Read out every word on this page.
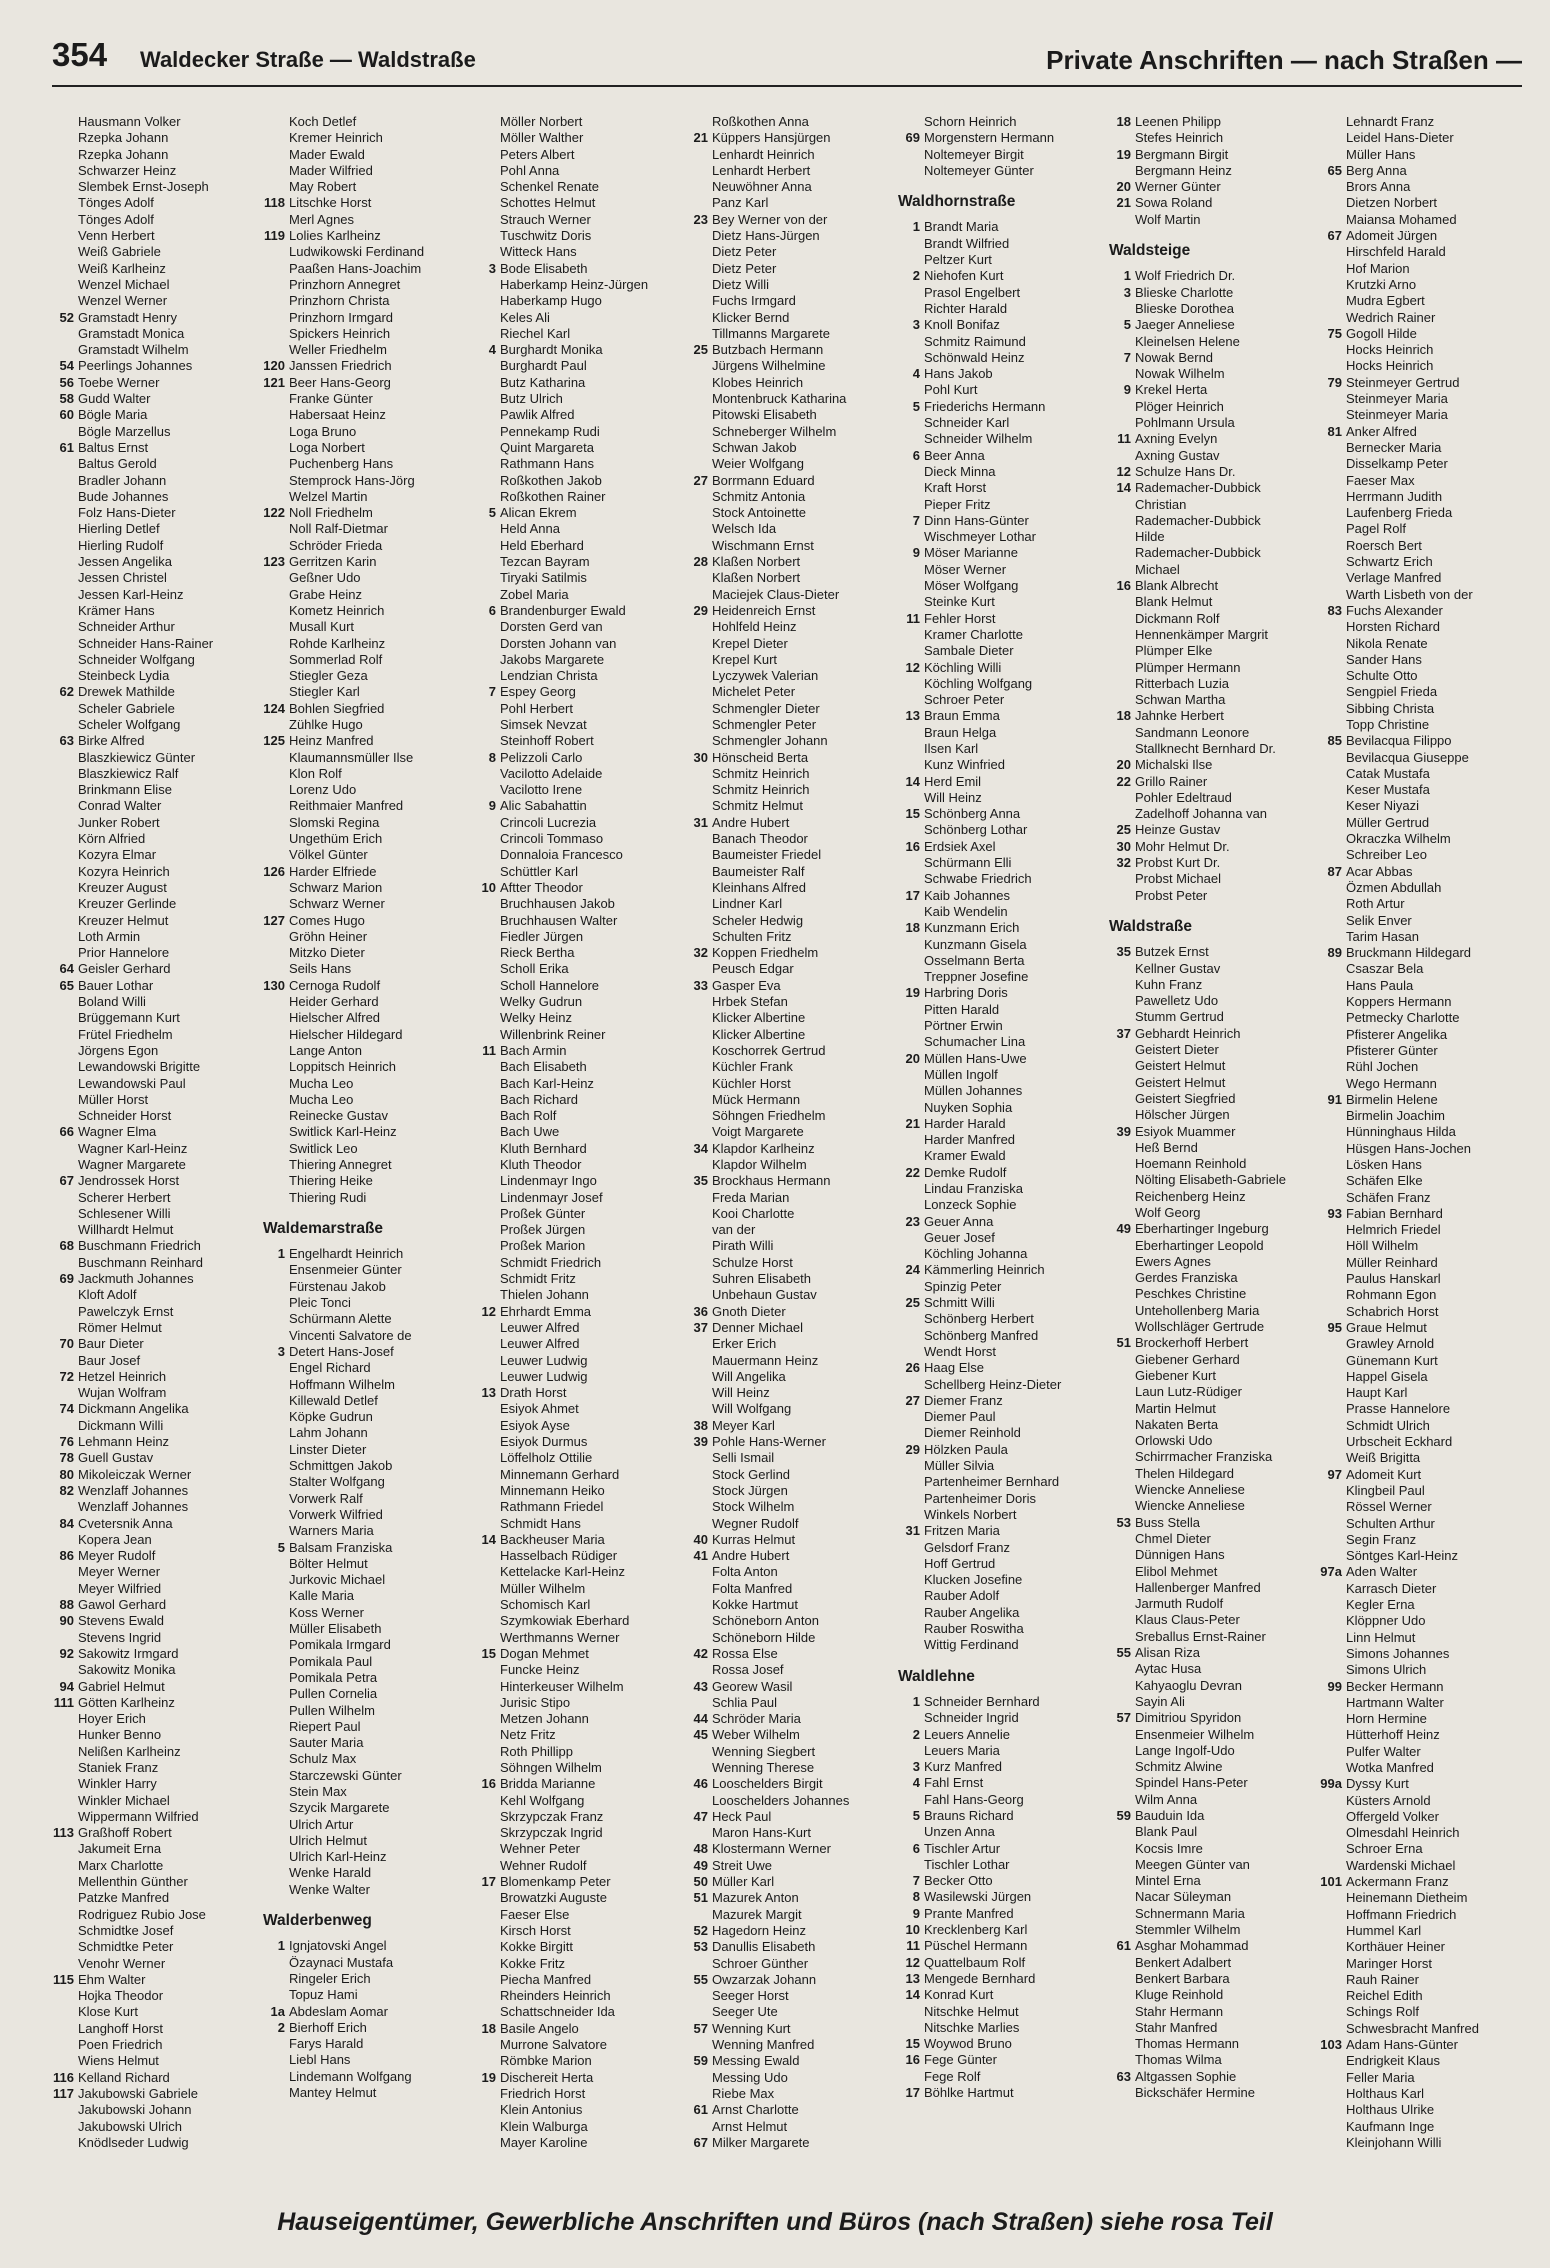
354 Waldecker Straße — Waldstraße	Private Anschriften — nach Straßen —
Hausmann Volker
Rzepka Johann
Rzepka Johann
Schwarzer Heinz
Slembek Ernst-Joseph
Tönges Adolf
Tönges Adolf
Venn Herbert
Weiß Gabriele
Weiß Karlheinz
Wenzel Michael
Wenzel Werner
52 Gramstadt Henry
Gramstadt Monica
Gramstadt Wilhelm
54 Peerlings Johannes
56 Toebe Werner
58 Gudd Walter
60 Bögle Maria
Bögle Marzellus
61 Baltus Ernst
Baltus Gerold
Bradler Johann
Bude Johannes
Folz Hans-Dieter
Hierling Detlef
Hierling Rudolf
Jessen Angelika
Jessen Christel
Jessen Karl-Heinz
Krämer Hans
Schneider Arthur
Schneider Hans-Rainer
Schneider Wolfgang
Steinbeck Lydia
62 Drewek Mathilde
Scheler Gabriele
Scheler Wolfgang
63 Birke Alfred
Blaszkiewicz Günter
Blaszkiewicz Ralf
Brinkmann Elise
Conrad Walter
Junker Robert
Körn Alfried
Kozyra Elmar
Kozyra Heinrich
Kreuzer August
Kreuzer Gerlinde
Kreuzer Helmut
Loth Armin
Prior Hannelore
64 Geisler Gerhard
65 Bauer Lothar
Boland Willi
Brüggemann Kurt
Frütel Friedhelm
Jörgens Egon
Lewandowski Brigitte
Lewandowski Paul
Müller Horst
Schneider Horst
66 Wagner Elma
Wagner Karl-Heinz
Wagner Margarete
67 Jendrossek Horst
Scherer Herbert
Schlesener Willi
Willhardt Helmut
68 Buschmann Friedrich
Buschmann Reinhard
69 Jackmuth Johannes
Kloft Adolf
Pawelczyk Ernst
Römer Helmut
70 Baur Dieter
Baur Josef
72 Hetzel Heinrich
Wujan Wolfram
74 Dickmann Angelika
Dickmann Willi
76 Lehmann Heinz
78 Guell Gustav
80 Mikoleiczak Werner
82 Wenzlaff Johannes
Wenzlaff Johannes
84 Cvetersnik Anna
Kopera Jean
86 Meyer Rudolf
Meyer Werner
Meyer Wilfried
88 Gawol Gerhard
90 Stevens Ewald
Stevens Ingrid
92 Sakowitz Irmgard
Sakowitz Monika
94 Gabriel Helmut
111 Götten Karlheinz
Hoyer Erich
Hunker Benno
Nelißen Karlheinz
Staniek Franz
Winkler Harry
Winkler Michael
Wippermann Wilfried
113 Graßhoff Robert
Jakumeit Erna
Marx Charlotte
Mellenthin Günther
Patzke Manfred
Rodriguez Rubio Jose
Schmidtke Josef
Schmidtke Peter
Venohr Werner
115 Ehm Walter
Hojka Theodor
Klose Kurt
Langhoff Horst
Poen Friedrich
Wiens Helmut
116 Kelland Richard
117 Jakubowski Gabriele
Jakubowski Johann
Jakubowski Ulrich
Knödlseder Ludwig
Koch Detlef
Kremer Heinrich
Mader Ewald
Mader Wilfried
May Robert
118 Litschke Horst
Merl Agnes
119 Lolies Karlheinz
Ludwikowski Ferdinand
Paaßen Hans-Joachim
Prinzhorn Annegret
Prinzhorn Christa
Prinzhorn Irmgard
Spickers Heinrich
Weller Friedhelm
120 Janssen Friedrich
121 Beer Hans-Georg
Franke Günter
Habersaat Heinz
Loga Bruno
Loga Norbert
Puchenberg Hans
Stemprock Hans-Jörg
Welzel Martin
122 Noll Friedhelm
Noll Ralf-Dietmar
Schröder Frieda
123 Gerritzen Karin
Geßner Udo
Grabe Heinz
Kometz Heinrich
Musall Kurt
Rohde Karlheinz
Sommerlad Rolf
Stiegler Geza
Stiegler Karl
124 Bohlen Siegfried
Zühlke Hugo
125 Heinz Manfred
Klaumannsmüller Ilse
Klon Rolf
Lorenz Udo
Reithmaier Manfred
Slomski Regina
Ungethüm Erich
Völkel Günter
126 Harder Elfriede
Schwarz Marion
Schwarz Werner
127 Comes Hugo
Gröhn Heiner
Mitzko Dieter
Seils Hans
130 Cernoga Rudolf
Heider Gerhard
Hielscher Alfred
Hielscher Hildegard
Lange Anton
Loppitsch Heinrich
Mucha Leo
Mucha Leo
Reinecke Gustav
Switlick Karl-Heinz
Switlick Leo
Thiering Annegret
Thiering Heike
Thiering Rudi
Waldemarstraße
1 Engelhardt Heinrich
Ensenmeier Günter
Fürstenau Jakob
Pleic Tonci
Schürmann Alette
Vincenti Salvatore de
3 Detert Hans-Josef
Engel Richard
Hoffmann Wilhelm
Killewald Detlef
Köpke Gudrun
Lahm Johann
Linster Dieter
Schmittgen Jakob
Stalter Wolfgang
Vorwerk Ralf
Vorwerk Wilfried
Warners Maria
5 Balsam Franziska
Bölter Helmut
Jurkovic Michael
Kalle Maria
Koss Werner
Müller Elisabeth
Pomikala Irmgard
Pomikala Paul
Pomikala Petra
Pullen Cornelia
Pullen Wilhelm
Riepert Paul
Sauter Maria
Schulz Max
Starczewski Günter
Stein Max
Szycik Margarete
Ulrich Artur
Ulrich Helmut
Ulrich Karl-Heinz
Wenke Harald
Wenke Walter
Walderbenweg
1 Ignjatovski Angel
Özaynaci Mustafa
Ringeler Erich
Topuz Hami
1a Abdeslam Aomar
2 Bierhoff Erich
Farys Harald
Liebl Hans
Lindemann Wolfgang
Mantey Helmut
Möller Norbert
Möller Walther
Peters Albert
Pohl Anna
Schenkel Renate
Schottes Helmut
Strauch Werner
Tuschwitz Doris
Witteck Hans
3 Bode Elisabeth
Haberkamp Heinz-Jürgen
Haberkamp Hugo
Keles Ali
Riechel Karl
4 Burghardt Monika
Burghardt Paul
Butz Katharina
Butz Ulrich
Pawlik Alfred
Pennekamp Rudi
Quint Margareta
Rathmann Hans
Roßkothen Jakob
Roßkothen Rainer
5 Alican Ekrem
Held Anna
Held Eberhard
Tezcan Bayram
Tiryaki Satilmis
Zobel Maria
6 Brandenburger Ewald
Dorsten Gerd van
Dorsten Johann van
Jakobs Margarete
Lendzian Christa
7 Espey Georg
Pohl Herbert
Simsek Nevzat
Steinhoff Robert
8 Pelizzoli Carlo
Vacilotto Adelaide
Vacilotto Irene
9 Alic Sabahattin
Crincoli Lucrezia
Crincoli Tommaso
Donnaloia Francesco
Schüttler Karl
10 Aftter Theodor
Bruchhausen Jakob
Bruchhausen Walter
Fiedler Jürgen
Rieck Bertha
Scholl Erika
Scholl Hannelore
Welky Gudrun
Welky Heinz
Willenbrink Reiner
11 Bach Armin
Bach Elisabeth
Bach Karl-Heinz
Bach Richard
Bach Rolf
Bach Uwe
Kluth Bernhard
Kluth Theodor
Lindenmayr Ingo
Lindenmayr Josef
Proßek Günter
Proßek Jürgen
Proßek Marion
Schmidt Friedrich
Schmidt Fritz
Thielen Johann
12 Ehrhardt Emma
Leuwer Alfred
Leuwer Alfred
Leuwer Ludwig
Leuwer Ludwig
13 Drath Horst
Esiyok Ahmet
Esiyok Ayse
Esiyok Durmus
Löffelholz Ottilie
Minnemann Gerhard
Minnemann Heiko
Rathmann Friedel
Schmidt Hans
14 Backheuser Maria
Hasselbach Rüdiger
Kettelacke Karl-Heinz
Müller Wilhelm
Schomisch Karl
Szymkowiak Eberhard
Werthmanns Werner
15 Dogan Mehmet
Funcke Heinz
Hinterkeuser Wilhelm
Jurisic Stipo
Metzen Johann
Netz Fritz
Roth Phillipp
Söhngen Wilhelm
16 Bridda Marianne
Kehl Wolfgang
Skrzypczak Franz
Skrzypczak Ingrid
Wehner Peter
Wehner Rudolf
17 Blomenkamp Peter
Browatzki Auguste
Faeser Else
Kirsch Horst
Kokke Birgitt
Kokke Fritz
Piecha Manfred
Rheinders Heinrich
Schattschneider Ida
18 Basile Angelo
Murrone Salvatore
Römbke Marion
19 Dischereit Herta
Friedrich Horst
Klein Antonius
Klein Walburga
Mayer Karoline
Roßkothen Anna
21 Küppers Hansjürgen
Lenhardt Heinrich
Lenhardt Herbert
Neuwöhner Anna
Panz Karl
23 Bey Werner von der
Dietz Hans-Jürgen
Dietz Peter
Dietz Peter
Dietz Willi
Fuchs Irmgard
Klicker Bernd
Tillmanns Margarete
25 Butzbach Hermann
Jürgens Wilhelmine
Klobes Heinrich
Montenbruck Katharina
Pitowski Elisabeth
Schneberger Wilhelm
Schwan Jakob
Weier Wolfgang
27 Borrmann Eduard
Schmitz Antonia
Stock Antoinette
Welsch Ida
Wischmann Ernst
28 Klaßen Norbert
Klaßen Norbert
Maciejek Claus-Dieter
29 Heidenreich Ernst
Hohlfeld Heinz
Krepel Dieter
Krepel Kurt
Lyczywek Valerian
Michelet Peter
Schmengler Dieter
Schmengler Peter
Schmengler Johann
30 Hönscheid Berta
Schmitz Heinrich
Schmitz Heinrich
Schmitz Helmut
31 Andre Hubert
Banach Theodor
Baumeister Friedel
Baumeister Ralf
Kleinhans Alfred
Lindner Karl
Scheler Hedwig
Schulten Fritz
32 Koppen Friedhelm
Peusch Edgar
33 Gasper Eva
Hrbek Stefan
Klicker Albertine
Klicker Albertine
Koschorrek Gertrud
Küchler Frank
Küchler Horst
Mück Hermann
Söhngen Friedhelm
Voigt Margarete
34 Klapdor Karlheinz
Klapdor Wilhelm
35 Brockhaus Hermann
Freda Marian
Kooi Charlotte
van der
Pirath Willi
Schulze Horst
Suhren Elisabeth
Unbehaun Gustav
36 Gnoth Dieter
37 Denner Michael
Erker Erich
Mauermann Heinz
Will Angelika
Will Heinz
Will Wolfgang
38 Meyer Karl
39 Pohle Hans-Werner
Selli Ismail
Stock Gerlind
Stock Jürgen
Stock Wilhelm
Wegner Rudolf
40 Kurras Helmut
41 Andre Hubert
Folta Anton
Folta Manfred
Kokke Hartmut
Schöneborn Anton
Schöneborn Hilde
42 Rossa Else
Rossa Josef
43 Georew Wasil
Schlia Paul
44 Schröder Maria
45 Weber Wilhelm
Wenning Siegbert
Wenning Therese
46 Looschelders Birgit
Looschelders Johannes
47 Heck Paul
Maron Hans-Kurt
48 Klostermann Werner
49 Streit Uwe
50 Müller Karl
51 Mazurek Anton
Mazurek Margit
52 Hagedorn Heinz
53 Danullis Elisabeth
Schroer Günther
55 Owzarzak Johann
Seeger Horst
Seeger Ute
57 Wenning Kurt
Wenning Manfred
59 Messing Ewald
Messing Udo
Riebe Max
61 Arnst Charlotte
Arnst Helmut
67 Milker Margarete
Schorn Heinrich
69 Morgenstern Hermann
Noltemeyer Birgit
Noltemeyer Günter
Waldhornstraße
1 Brandt Maria
Brandt Wilfried
Peltzer Kurt
2 Niehofen Kurt
Prasol Engelbert
Richter Harald
3 Knoll Bonifaz
Schmitz Raimund
Schönwald Heinz
4 Hans Jakob
Pohl Kurt
5 Friederichs Hermann
Schneider Karl
Schneider Wilhelm
6 Beer Anna
Dieck Minna
Kraft Horst
Pieper Fritz
7 Dinn Hans-Günter
Wischmeyer Lothar
9 Möser Marianne
Möser Werner
Möser Wolfgang
Steinke Kurt
11 Fehler Horst
Kramer Charlotte
Sambale Dieter
12 Köchling Willi
Köchling Wolfgang
Schroer Peter
13 Braun Emma
Braun Helga
Ilsen Karl
Kunz Winfried
14 Herd Emil
Will Heinz
15 Schönberg Anna
Schönberg Lothar
16 Erdsiek Axel
Schürmann Elli
Schwabe Friedrich
17 Kaib Johannes
Kaib Wendelin
18 Kunzmann Erich
Kunzmann Gisela
Osselmann Berta
Treppner Josefine
19 Harbring Doris
Pitten Harald
Pörtner Erwin
Schumacher Lina
20 Müllen Hans-Uwe
Müllen Ingolf
Müllen Johannes
Nuyken Sophia
21 Harder Harald
Harder Manfred
Kramer Ewald
22 Demke Rudolf
Lindau Franziska
Lonzeck Sophie
23 Geuer Anna
Geuer Josef
Köchling Johanna
24 Kämmerling Heinrich
Spinzig Peter
25 Schmitt Willi
Schönberg Herbert
Schönberg Manfred
Wendt Horst
26 Haag Else
Schellberg Heinz-Dieter
27 Diemer Franz
Diemer Paul
Diemer Reinhold
29 Hölzken Paula
Müller Silvia
Partenheimer Bernhard
Partenheimer Doris
Winkels Norbert
31 Fritzen Maria
Gelsdorf Franz
Hoff Gertrud
Klucken Josefine
Rauber Adolf
Rauber Angelika
Rauber Roswitha
Wittig Ferdinand
Waldlehne
1 Schneider Bernhard
Schneider Ingrid
2 Leuers Annelie
Leuers Maria
3 Kurz Manfred
4 Fahl Ernst
Fahl Hans-Georg
5 Brauns Richard
Unzen Anna
6 Tischler Artur
Tischler Lothar
7 Becker Otto
8 Wasilewski Jürgen
9 Prante Manfred
10 Krecklenberg Karl
11 Püschel Hermann
12 Quattelbaum Rolf
13 Mengede Bernhard
14 Konrad Kurt
Nitschke Helmut
Nitschke Marlies
15 Woywod Bruno
16 Fege Günter
Fege Rolf
17 Böhlke Hartmut
18 Leenen Philipp
Stefes Heinrich
19 Bergmann Birgit
Bergmann Heinz
20 Werner Günter
21 Sowa Roland
Wolf Martin
Waldsteige
1 Wolf Friedrich Dr.
3 Blieske Charlotte
Blieske Dorothea
5 Jaeger Anneliese
Kleinelsen Helene
7 Nowak Bernd
Nowak Wilhelm
9 Krekel Herta
Plöger Heinrich
Pohlmann Ursula
11 Axning Evelyn
Axning Gustav
12 Schulze Hans Dr.
14 Rademacher-Dubbick
Christian
Rademacher-Dubbick
Hilde
Rademacher-Dubbick
Michael
16 Blank Albrecht
Blank Helmut
Dickmann Rolf
Hennenkämper Margrit
Plümper Elke
Plümper Hermann
Ritterbach Luzia
Schwan Martha
18 Jahnke Herbert
Sandmann Leonore
Stallknecht Bernhard Dr.
20 Michalski Ilse
22 Grillo Rainer
Pohler Edeltraud
Zadelhoff Johanna van
25 Heinze Gustav
30 Mohr Helmut Dr.
32 Probst Kurt Dr.
Probst Michael
Probst Peter
Waldstraße
35 Butzek Ernst
Kellner Gustav
Kuhn Franz
Pawelletz Udo
Stumm Gertrud
37 Gebhardt Heinrich
Geistert Dieter
Geistert Helmut
Geistert Helmut
Geistert Siegfried
Hölscher Jürgen
39 Esiyok Muammer
Heß Bernd
Hoemann Reinhold
Nölting Elisabeth-Gabriele
Reichenberg Heinz
Wolf Georg
49 Eberhartinger Ingeburg
Eberhartinger Leopold
Ewers Agnes
Gerdes Franziska
Peschkes Christine
Untehollenberg Maria
Wollschläger Gertrude
51 Brockerhoff Herbert
Giebener Gerhard
Giebener Kurt
Laun Lutz-Rüdiger
Martin Helmut
Nakaten Berta
Orlowski Udo
Schirrmacher Franziska
Thelen Hildegard
Wiencke Anneliese
Wiencke Anneliese
53 Buss Stella
Chmel Dieter
Dünnigen Hans
Elibol Mehmet
Hallenberger Manfred
Jarmuth Rudolf
Klaus Claus-Peter
Sreballus Ernst-Rainer
55 Alisan Riza
Aytac Husa
Kahyaoglu Devran
Sayin Ali
57 Dimitriou Spyridon
Ensenmeier Wilhelm
Lange Ingolf-Udo
Schmitz Alwine
Spindel Hans-Peter
Wilm Anna
59 Bauduin Ida
Blank Paul
Kocsis Imre
Meegen Günter van
Mintel Erna
Nacar Süleyman
Schnermann Maria
Stemmler Wilhelm
61 Asghar Mohammad
Benkert Adalbert
Benkert Barbara
Kluge Reinhold
Stahr Hermann
Stahr Manfred
Thomas Hermann
Thomas Wilma
63 Altgassen Sophie
Bickschäfer Hermine
Lehnardt Franz
Leidel Hans-Dieter
Müller Hans
65 Berg Anna
Brors Anna
Dietzen Norbert
Maiansa Mohamed
67 Adomeit Jürgen
Hirschfeld Harald
Hof Marion
Krutzki Arno
Mudra Egbert
Wedrich Rainer
75 Gogoll Hilde
Hocks Heinrich
Hocks Heinrich
79 Steinmeyer Gertrud
Steinmeyer Maria
Steinmeyer Maria
81 Anker Alfred
Bernecker Maria
Disselkamp Peter
Faeser Max
Herrmann Judith
Laufenberg Frieda
Pagel Rolf
Roersch Bert
Schwartz Erich
Verlage Manfred
Warth Lisbeth von der
83 Fuchs Alexander
Horsten Richard
Nikola Renate
Sander Hans
Schulte Otto
Sengpiel Frieda
Sibbing Christa
Topp Christine
85 Bevilacqua Filippo
Bevilacqua Giuseppe
Catak Mustafa
Keser Mustafa
Keser Niyazi
Müller Gertrud
Okraczka Wilhelm
Schreiber Leo
87 Acar Abbas
Özmen Abdullah
Roth Artur
Selik Enver
Tarim Hasan
89 Bruckmann Hildegard
Csaszar Bela
Hans Paula
Koppers Hermann
Petmecky Charlotte
Pfisterer Angelika
Pfisterer Günter
Rühl Jochen
Wego Hermann
91 Birmelin Helene
Birmelin Joachim
Hünninghaus Hilda
Hüsgen Hans-Jochen
Lösken Hans
Schäfen Elke
Schäfen Franz
93 Fabian Bernhard
Helmrich Friedel
Höll Wilhelm
Müller Reinhard
Paulus Hanskarl
Rohmann Egon
Schabrich Horst
95 Graue Helmut
Grawley Arnold
Günemann Kurt
Happel Gisela
Haupt Karl
Prasse Hannelore
Schmidt Ulrich
Urbscheit Eckhard
Weiß Brigitta
97 Adomeit Kurt
Klingbeil Paul
Rössel Werner
Schulten Arthur
Segin Franz
Söntges Karl-Heinz
97a Aden Walter
Karrasch Dieter
Kegler Erna
Klöppner Udo
Linn Helmut
Simons Johannes
Simons Ulrich
99 Becker Hermann
Hartmann Walter
Horn Hermine
Hütterhoff Heinz
Pulfer Walter
Wotka Manfred
99a Dyssy Kurt
Küsters Arnold
Offergeld Volker
Olmesdahl Heinrich
Schroer Erna
Wardenski Michael
101 Ackermann Franz
Heinemann Dietheim
Hoffmann Friedrich
Hummel Karl
Korthäuer Heiner
Maringer Horst
Rauh Rainer
Reichel Edith
Schings Rolf
Schwesbracht Manfred
103 Adam Hans-Günter
Endrigkeit Klaus
Feller Maria
Holthaus Karl
Holthaus Ulrike
Kaufmann Inge
Kleinjohann Willi
Hauseigentümer, Gewerbliche Anschriften und Büros (nach Straßen) siehe rosa Teil
